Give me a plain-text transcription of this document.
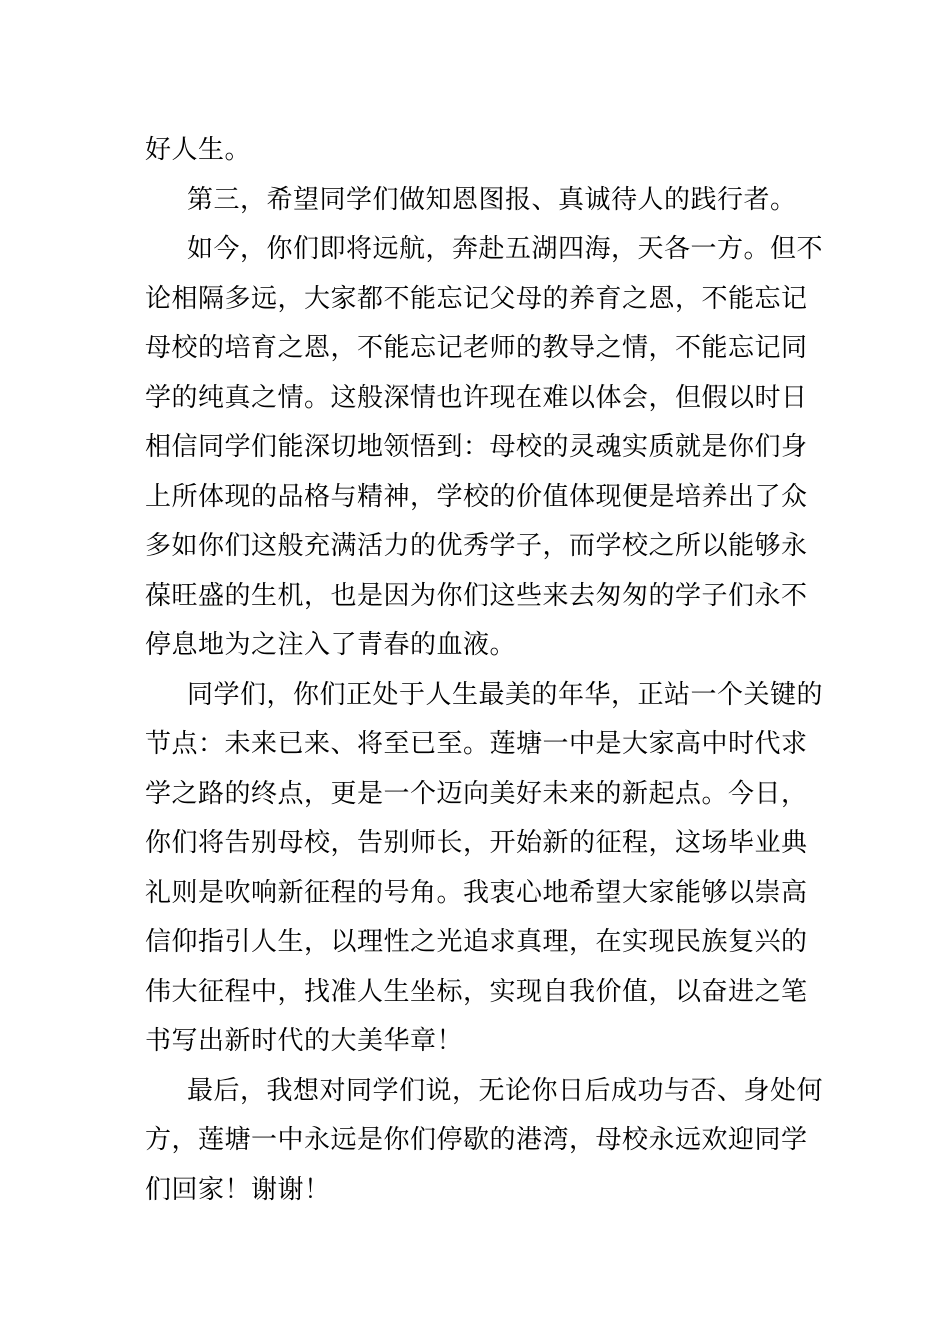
好人生。
第三，希望同学们做知恩图报、真诚待人的践行者。
如今，你们即将远航，奔赴五湖四海，天各一方。但不
论相隔多远，大家都不能忘记父母的养育之恩，不能忘记
母校的培育之恩，不能忘记老师的教导之情，不能忘记同
学的纯真之情。这般深情也许现在难以体会，但假以时日
相信同学们能深切地领悟到：母校的灵魂实质就是你们身
上所体现的品格与精神，学校的价值体现便是培养出了众
多如你们这般充满活力的优秀学子，而学校之所以能够永
葆旺盛的生机，也是因为你们这些来去匆匆的学子们永不
停息地为之注入了青春的血液。
同学们，你们正处于人生最美的年华，正站一个关键的
节点：未来已来、将至已至。莲塘一中是大家高中时代求
学之路的终点，更是一个迈向美好未来的新起点。今日，
你们将告别母校，告别师长，开始新的征程，这场毕业典
礼则是吹响新征程的号角。我衷心地希望大家能够以崇高
信仰指引人生，以理性之光追求真理，在实现民族复兴的
伟大征程中，找准人生坐标，实现自我价值，以奋进之笔
书写出新时代的大美华章！
最后，我想对同学们说，无论你日后成功与否、身处何
方，莲塘一中永远是你们停歇的港湾，母校永远欢迎同学
们回家！谢谢！
